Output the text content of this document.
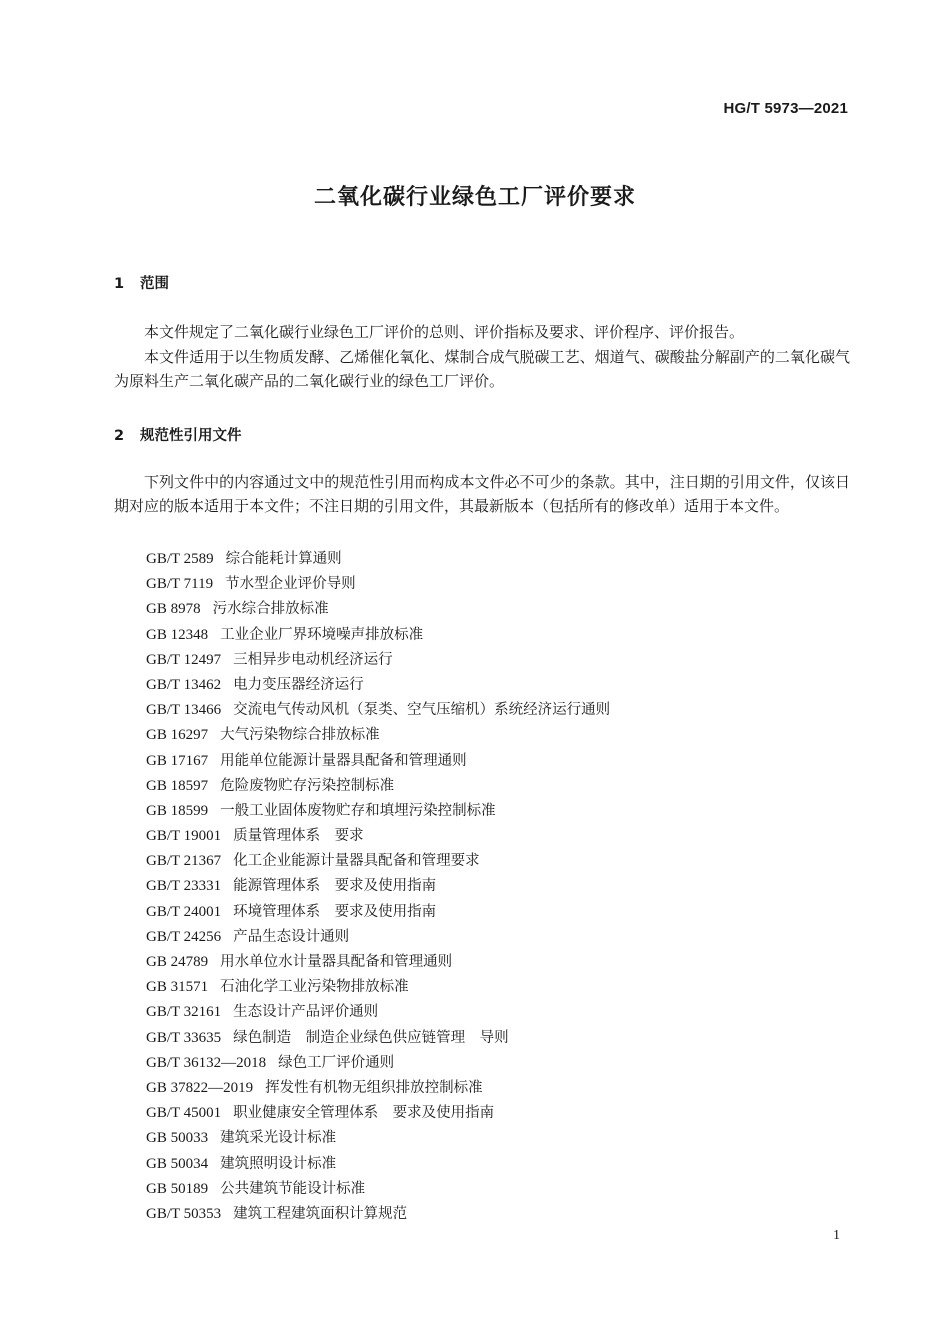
HG/T 5973—2021
二氧化碳行业绿色工厂评价要求
1 范围

本文件规定了二氧化碳行业绿色工厂评价的总则、评价指标及要求、评价程序、评价报告。

本文件适用于以生物质发酵、乙烯催化氧化、煤制合成气脱碳工艺、烟道气、碳酸盐分解副产的二氧化碳气为原料生产二氧化碳产品的二氧化碳行业的绿色工厂评价。

2 规范性引用文件

下列文件中的内容通过文中的规范性引用而构成本文件必不可少的条款。其中，注日期的引用文件，仅该日期对应的版本适用于本文件；不注日期的引用文件，其最新版本（包括所有的修改单）适用于本文件。

GB/T 2589 综合能耗计算通则
GB/T 7119 节水型企业评价导则
GB 8978 污水综合排放标准
GB 12348 工业企业厂界环境噪声排放标准
GB/T 12497 三相异步电动机经济运行
GB/T 13462 电力变压器经济运行
GB/T 13466 交流电气传动风机（泵类、空气压缩机）系统经济运行通则
GB 16297 大气污染物综合排放标准
GB 17167 用能单位能源计量器具配备和管理通则
GB 18597 危险废物贮存污染控制标准
GB 18599 一般工业固体废物贮存和填埋污染控制标准
GB/T 19001 质量管理体系　要求
GB/T 21367 化工企业能源计量器具配备和管理要求
GB/T 23331 能源管理体系　要求及使用指南
GB/T 24001 环境管理体系　要求及使用指南
GB/T 24256 产品生态设计通则
GB 24789 用水单位水计量器具配备和管理通则
GB 31571 石油化学工业污染物排放标准
GB/T 32161 生态设计产品评价通则
GB/T 33635 绿色制造　制造企业绿色供应链管理　导则
GB/T 36132—2018 绿色工厂评价通则
GB 37822—2019 挥发性有机物无组织排放控制标准
GB/T 45001 职业健康安全管理体系　要求及使用指南
GB 50033 建筑采光设计标准
GB 50034 建筑照明设计标准
GB 50189 公共建筑节能设计标准
GB/T 50353 建筑工程建筑面积计算规范
1
